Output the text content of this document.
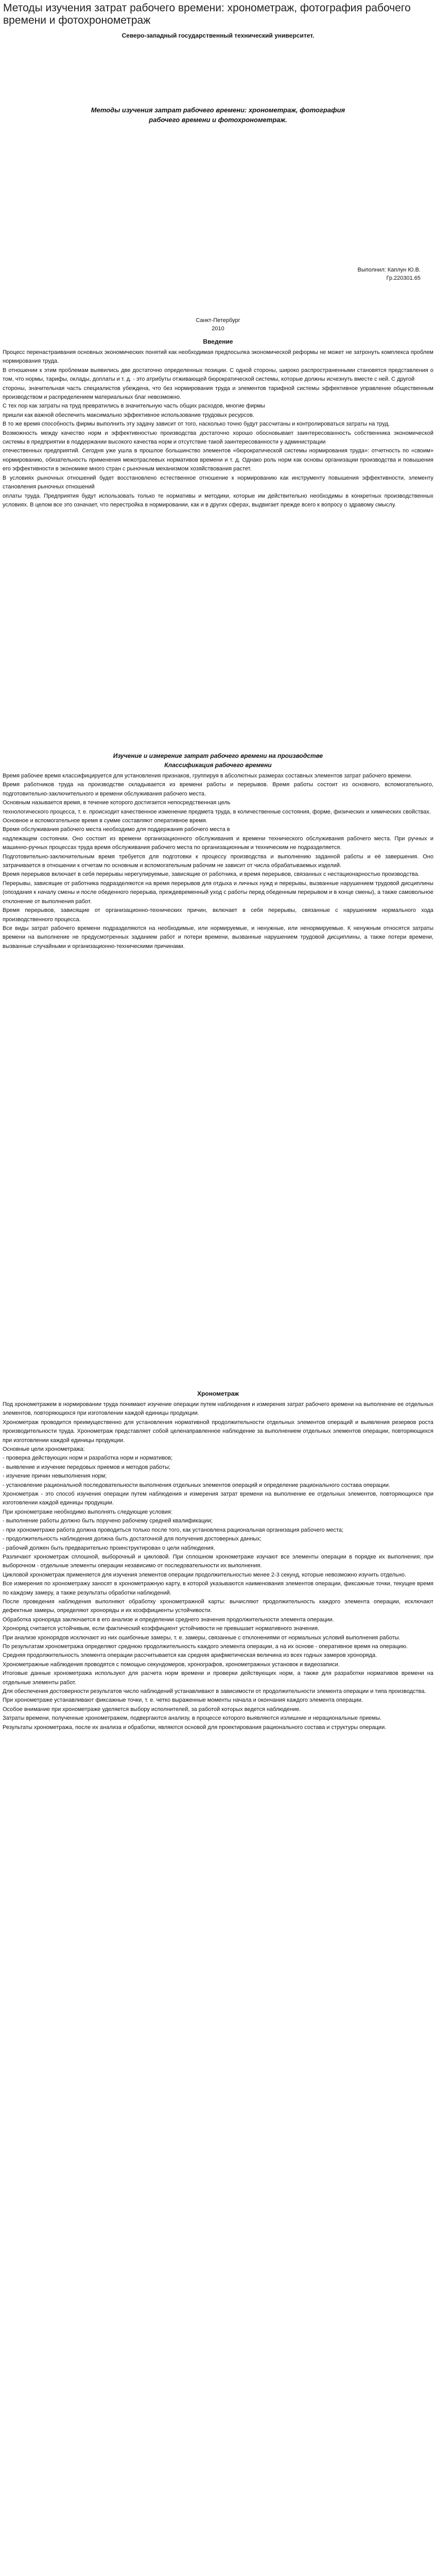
Методы изучения затрат рабочего времени: хронометраж, фотография рабочего времени и фотохронометраж
Северо-западный государственный технический университет.
Методы изучения затрат рабочего времени: хронометраж, фотография рабочего времени и фотохронометраж.
Выполнил: Каплун Ю.В.
Гр.220301.65
Санкт-Петербург
2010
Введение

Процесс перенастраивания основных экономических понятий как необходимая предпосылка экономической реформы не может не затронуть комплекса проблем нормирования труда.

В отношении к этим проблемам выявились две достаточно определенных позиции. С одной стороны, широко распространенными становятся представления о том, что нормы, тарифы, оклады, доплаты и т. д. - это атрибуты отживающей бюрократической системы, которые должны исчезнуть вместе с ней. С другой

стороны, значительная часть специалистов убеждена, что без нормирования труда и элементов тарифной системы эффективное управление общественным производством и распределением материальных благ невозможно.

С тех пор как затраты на труд превратились в значительную часть общих расходов, многие фирмы

пришли как важной обеспечить максимально эффективное использование трудовых ресурсов.

В то же время способность фирмы выполнить эту задачу зависит от того, насколько точно будут рассчитаны и контролироваться затраты на труд.

Возможность между качество норм и эффективностью производства достаточно хорошо обосновывает заинтересованность собственника экономической системы в предприятии в поддержании высокого качества норм и отсутствие такой заинтересованности у администрации

отечественных предприятий. Сегодня уже ушла в прошлое большинство элементов «бюрократической системы нормирования труда»: отчетность по «своим» нормированию, обязательность применения межотраслевых нормативов времени и т. д. Однако роль норм как основы организации производства и повышения его эффективности в экономике много стран с рыночным механизмом хозяйствования растет.

В условиях рыночных отношений будет восстановлено естественное отношение к нормированию как инструменту повышения эффективности, элементу становления рыночных отношений

оплаты труда. Предприятия будут использовать только те нормативы и методики, которые им действительно необходимы в конкретных производственных условиях. В целом все это означает, что перестройка в нормировании, как и в других сферах, выдвигает прежде всего к вопросу о здравому смыслу.

Изучение и измерение затрат рабочего времени на производстве
Классификация рабочего времени

Время рабочее время классифицируется для установления признаков, группируя в абсолютных размерах составных элементов затрат рабочего времени.

Время работников труда на производстве складывается из времени работы и перерывов. Время работы состоит из основного, вспомогательного, подготовительно-заключительного и времени обслуживания рабочего места.

Основным называется время, в течение которого достигается непосредственная цель

технологического процесса, т. е. происходит качественное изменение предмета труда, в количественные состояния, форме, физических и химических свойствах.

Основное и вспомогательное время в сумме составляют оперативное время.

Время обслуживания рабочего места необходимо для поддержания рабочего места в

надлежащем состоянии. Оно состоит из времени организационного обслуживания и времени технического обслуживания рабочего места. При ручных и машинно-ручных процессах труда время обслуживания рабочего места по организационным и техническим не подразделяется.

Подготовительно-заключительным время требуется для подготовки к процессу производства и выполнению заданной работы и её завершения. Оно затрачивается в отношении к отчетам по основным и вспомогательным рабочим не зависит от числа обрабатываемых изделий.

Время перерывов включает в себя перерывы нерегулируемые, зависящие от работника, и время перерывов, связанных с нестационарностью производства.

Перерывы, зависящие от работника подразделяются на время перерывов для отдыха и личных нужд и перерывы, вызванные нарушением трудовой дисциплины (опоздания к началу смены и после обеденного перерыва, преждевременный уход с работы перед обеденным перерывом и в конце смены), а также самовольное отклонение от выполнения работ.

Время перерывов, зависящие от организационно-технических причин, включает в себя перерывы, связанные с нарушением нормального хода производственного процесса.

Все виды затрат рабочего времени подразделяются на необходимые, или нормируемые, и ненужные, или ненормируемые. К ненужным относятся затраты времени на выполнение не предусмотренных заданием работ и потери времени, вызванные нарушением трудовой дисциплины, а также потери времени, вызванные случайными и организационно-техническими причинами.

Хронометраж

Под хронометражем в нормировании труда понимают изучение операции путем наблюдения и измерения затрат рабочего времени на выполнение ее отдельных элементов, повторяющихся при изготовлении каждой единицы продукции.

Хронометраж проводится преимущественно для установления нормативной продолжительности отдельных элементов операций и выявления резервов роста производительности труда. Хронометраж представляет собой целенаправленное наблюдение за выполнением отдельных элементов операции, повторяющихся при изготовлении каждой единицы продукции.

Основные цели хронометража:

- проверка действующих норм и разработка норм и нормативов;

- выявление и изучение передовых приемов и методов работы;

- изучение причин невыполнения норм;

- установление рациональной последовательности выполнения отдельных элементов операций и определение рационального состава операции.

Хронометраж - это способ изучения операции путем наблюдения и измерения затрат времени на выполнение ее отдельных элементов, повторяющихся при изготовлении каждой единицы продукции.

При хронометраже необходимо выполнять следующие условия:

- выполнение работы должно быть поручено рабочему средней квалификации;

- при хронометраже работа должна проводиться только после того, как установлена рациональная организация рабочего места;

- продолжительность наблюдения должна быть достаточной для получения достоверных данных;

- рабочий должен быть предварительно проинструктирован о цели наблюдения.

Различают хронометраж сплошной, выборочный и цикловой. При сплошном хронометраже изучают все элементы операции в порядке их выполнения; при выборочном - отдельные элементы операции независимо от последовательности их выполнения.

Цикловой хронометраж применяется для изучения элементов операции продолжительностью менее 2-3 секунд, которые невозможно изучить отдельно.

Все измерения по хронометражу заносят в хронометражную карту, в которой указываются наименования элементов операции, фиксажные точки, текущее время по каждому замеру, а также результаты обработки наблюдений.

После проведения наблюдения выполняют обработку хронометражной карты: вычисляют продолжительность каждого элемента операции, исключают дефектные замеры, определяют хроноряды и их коэффициенты устойчивости.

Обработка хроноряда заключается в его анализе и определении среднего значения продолжительности элемента операции.

Хроноряд считается устойчивым, если фактический коэффициент устойчивости не превышает нормативного значения.

При анализе хронорядов исключают из них ошибочные замеры, т. е. замеры, связанные с отклонениями от нормальных условий выполнения работы.

По результатам хронометража определяют среднюю продолжительность каждого элемента операции, а на их основе - оперативное время на операцию.

Средняя продолжительность элемента операции рассчитывается как средняя арифметическая величина из всех годных замеров хроноряда.

Хронометражные наблюдения проводятся с помощью секундомеров, хронографов, хронометражных установок и видеозаписи.

Итоговые данные хронометража используют для расчета норм времени и проверки действующих норм, а также для разработки нормативов времени на отдельные элементы работ.

Для обеспечения достоверности результатов число наблюдений устанавливают в зависимости от продолжительности элемента операции и типа производства.

При хронометраже устанавливают фиксажные точки, т. е. четко выраженные моменты начала и окончания каждого элемента операции.

Особое внимание при хронометраже уделяется выбору исполнителей, за работой которых ведется наблюдение.

Затраты времени, полученные хронометражем, подвергаются анализу, в процессе которого выявляются излишние и нерациональные приемы.

Результаты хронометража, после их анализа и обработки, являются основой для проектирования рационального состава и структуры операции.
